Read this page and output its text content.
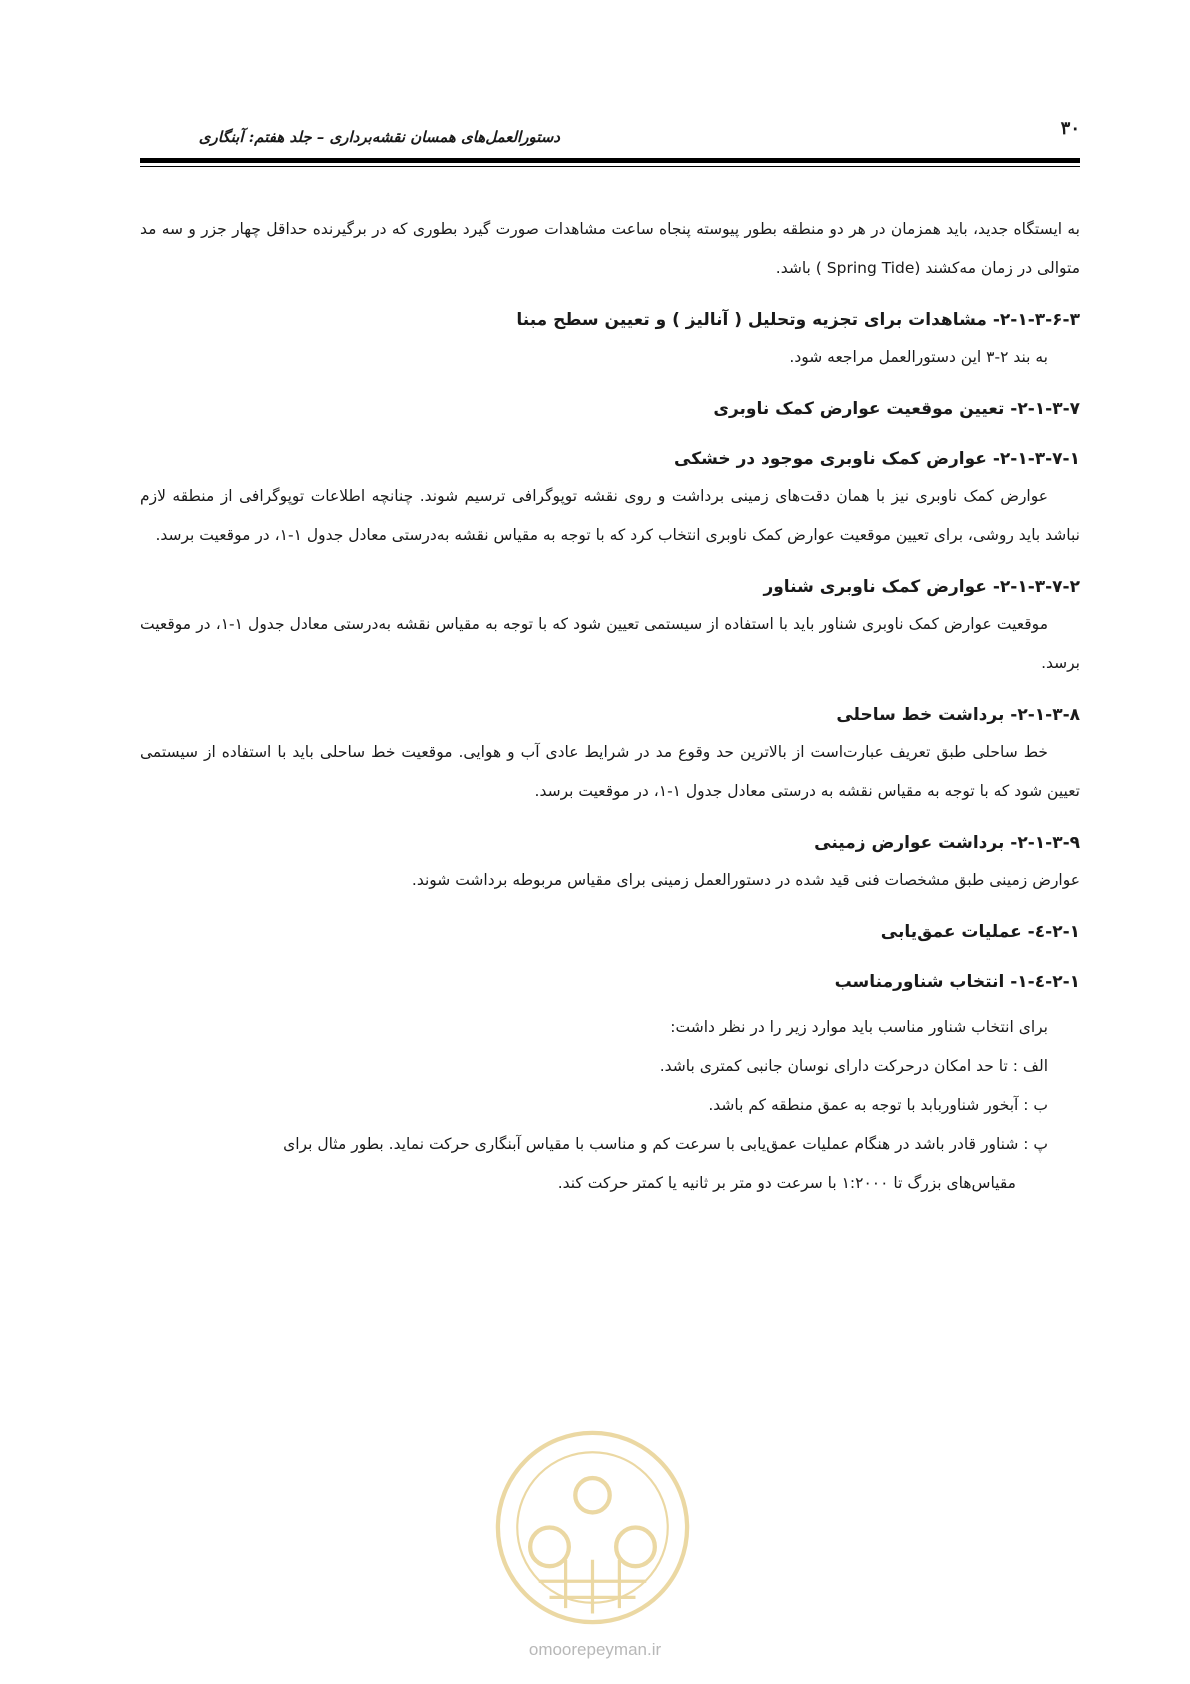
۳۰
دستورالعمل‌های همسان نقشه‌برداری – جلد هفتم: آبنگاری

به ایستگاه جدید، باید همزمان در هر دو منطقه بطور پیوسته پنجاه ساعت مشاهدات صورت گیرد بطوری که در برگیرنده حداقل چهار جزر و سه مد متوالی در زمان مه‌کشند (Spring Tide ) باشد.

۲-۱-۳-۶-۳- مشاهدات برای تجزیه وتحلیل ( آنالیز ) و تعیین سطح مبنا

به بند ۲-۳ این دستورالعمل مراجعه شود.

۲-۱-۳-۷- تعیین موقعیت عوارض کمک ناوبری
۲-۱-۳-۷-۱- عوارض کمک ناوبری موجود در خشکی

عوارض کمک ناوبری نیز با همان دقت‌های زمینی برداشت و روی نقشه توپوگرافی ترسیم شوند. چنانچه اطلاعات توپوگرافی از منطقه لازم نباشد باید روشی، برای تعیین موقعیت عوارض کمک ناوبری انتخاب کرد که با توجه به مقیاس نقشه به‌درستی معادل جدول ۱-۱، در موقعیت برسد.

۲-۱-۳-۷-۲- عوارض کمک ناوبری شناور

موقعیت عوارض کمک ناوبری شناور باید با استفاده از سیستمی تعیین شود که با توجه به مقیاس نقشه به‌درستی معادل جدول ۱-۱، در موقعیت برسد.

۲-۱-۳-۸- برداشت خط ساحلی

خط ساحلی طبق تعریف عبارت‌است از بالاترین حد وقوع مد در شرایط عادی آب و هوایی. موقعیت خط ساحلی باید با استفاده از سیستمی تعیین شود که با توجه به مقیاس نقشه به درستی معادل جدول ۱-۱، در موقعیت برسد.

۲-۱-۳-۹- برداشت عوارض زمینی

عوارض زمینی طبق مشخصات فنی قید شده در دستورالعمل زمینی برای مقیاس مربوطه برداشت شوند.

۲-۱-٤- عملیات عمق‌یابی
۲-۱-٤-۱- انتخاب شناورمناسب

برای انتخاب شناور مناسب باید موارد زیر را در نظر داشت:

الف : تا حد امکان درحرکت دارای نوسان جانبی کمتری باشد.

ب : آبخور شناوربابد با توجه به عمق منطقه کم باشد.

پ : شناور قادر باشد در هنگام عملیات عمق‌یابی با سرعت کم و مناسب با مقیاس آبنگاری حرکت نماید. بطور مثال برای

مقیاس‌های بزرگ تا ۱:۲۰۰۰ با سرعت دو متر بر ثانیه یا کمتر حرکت کند.

omoorepeyman.ir
